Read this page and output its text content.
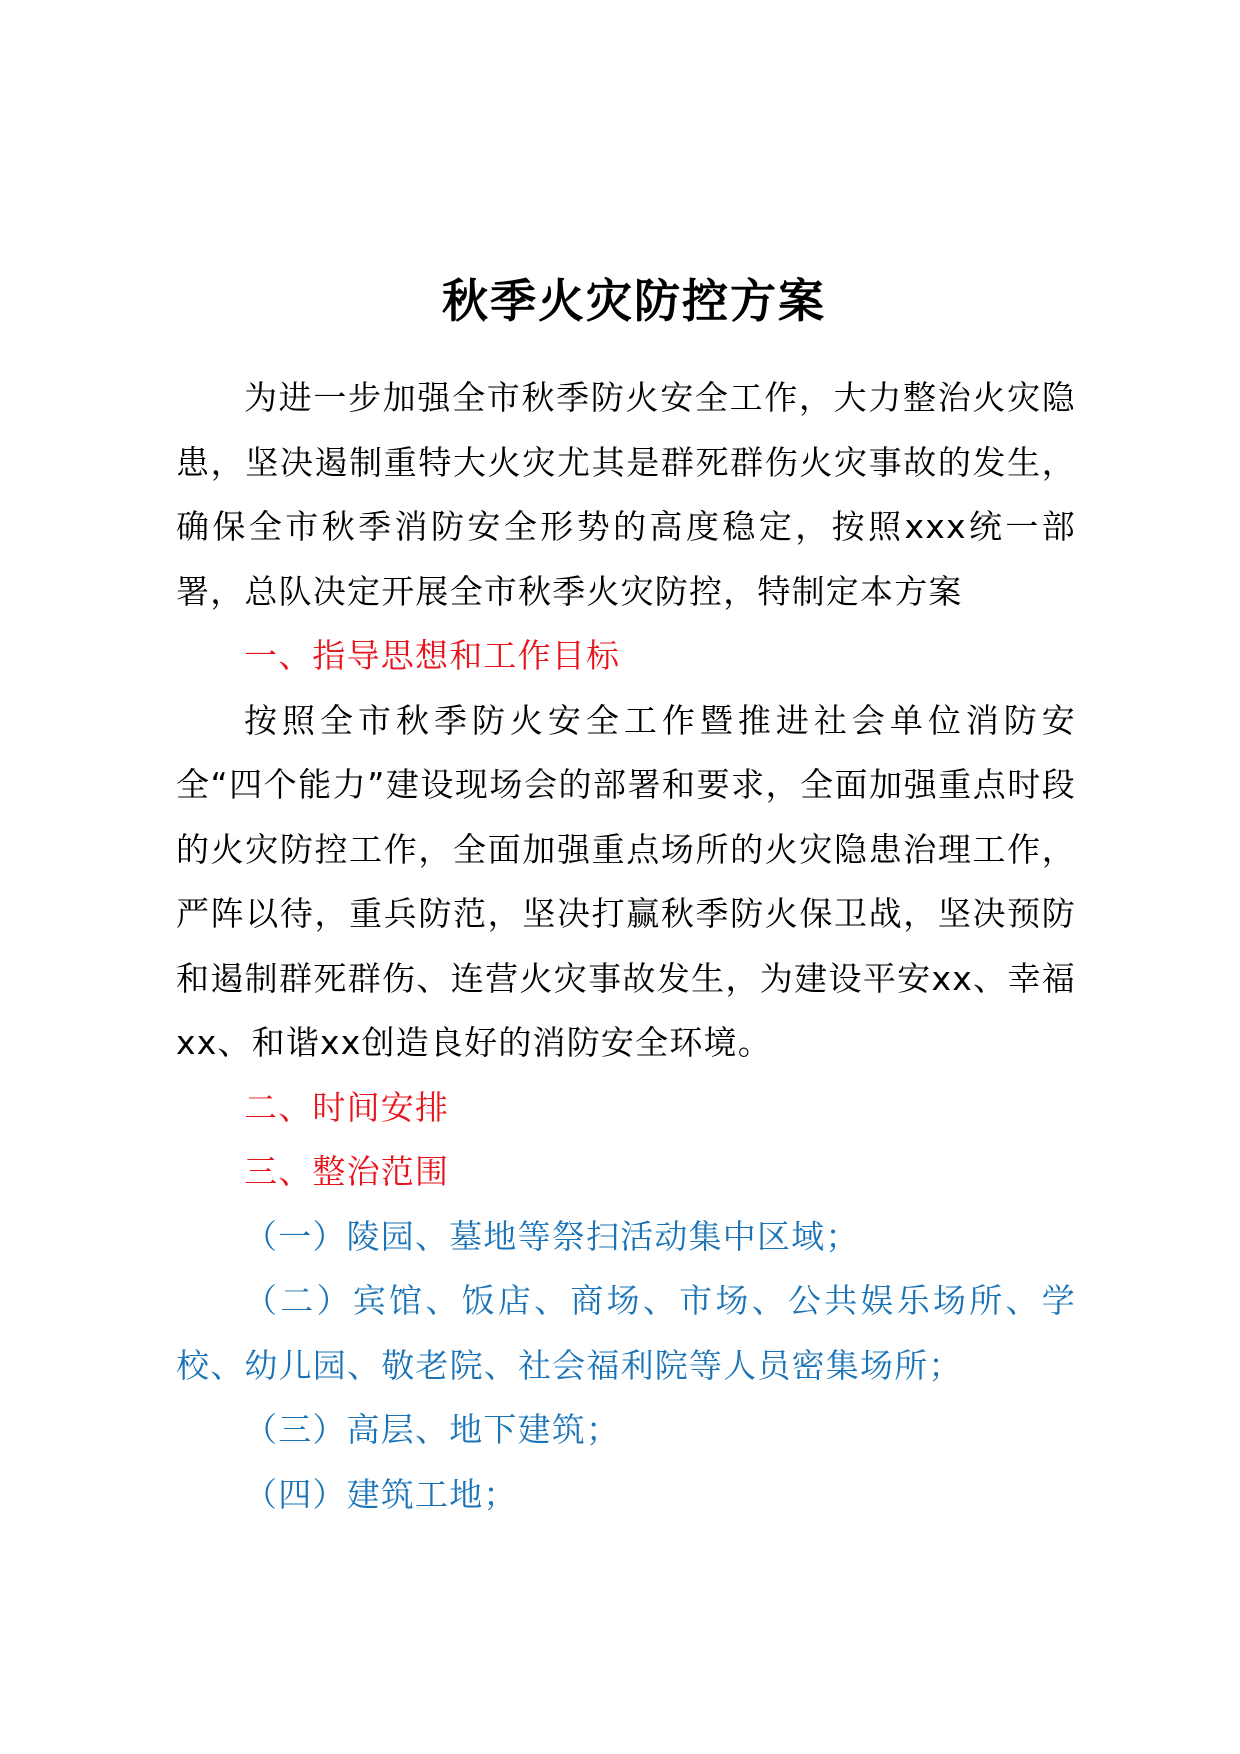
秋季火灾防控方案

为进一步加强全市秋季防火安全工作，大力整治火灾隐患，坚决遏制重特大火灾尤其是群死群伤火灾事故的发生，确保全市秋季消防安全形势的高度稳定，按照xxx统一部署，总队决定开展全市秋季火灾防控，特制定本方案

一、指导思想和工作目标

按照全市秋季防火安全工作暨推进社会单位消防安全“四个能力”建设现场会的部署和要求，全面加强重点时段的火灾防控工作，全面加强重点场所的火灾隐患治理工作，严阵以待，重兵防范，坚决打赢秋季防火保卫战，坚决预防和遏制群死群伤、连营火灾事故发生，为建设平安xx、幸福xx、和谐xx创造良好的消防安全环境。

二、时间安排

三、整治范围

（一）陵园、墓地等祭扫活动集中区域；

（二）宾馆、饭店、商场、市场、公共娱乐场所、学校、幼儿园、敬老院、社会福利院等人员密集场所；

（三）高层、地下建筑；

（四）建筑工地；
